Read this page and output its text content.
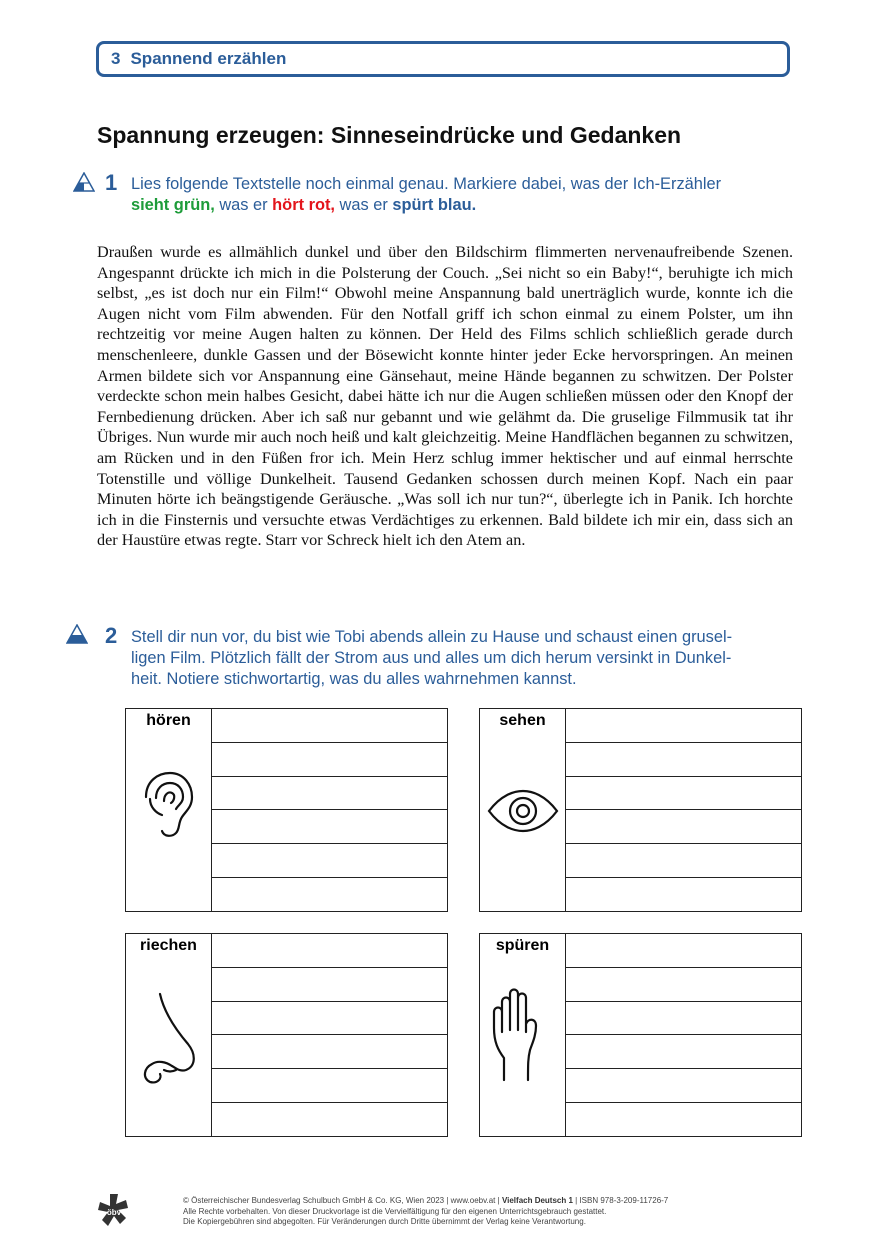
3 Spannend erzählen
Spannung erzeugen: Sinneseindrücke und Gedanken
1 Lies folgende Textstelle noch einmal genau. Markiere dabei, was der Ich-Erzähler
sieht grün, was er hört rot, was er spürt blau.

Draußen wurde es allmählich dunkel und über den Bildschirm flimmerten nervenaufreibende Szenen. Angespannt drückte ich mich in die Polsterung der Couch. „Sei nicht so ein Baby!“, beruhigte ich mich selbst, „es ist doch nur ein Film!“ Obwohl meine Anspannung bald unerträglich wurde, konnte ich die Augen nicht vom Film abwenden. Für den Notfall griff ich schon einmal zu einem Polster, um ihn rechtzeitig vor meine Augen halten zu können. Der Held des Films schlich schließlich gerade durch menschenleere, dunkle Gassen und der Bösewicht konnte hinter jeder Ecke hervorspringen. An meinen Armen bildete sich vor Anspannung eine Gänsehaut, meine Hände begannen zu schwitzen. Der Polster verdeckte schon mein halbes Gesicht, dabei hätte ich nur die Augen schließen müssen oder den Knopf der Fernbedienung drücken. Aber ich saß nur gebannt und wie gelähmt da. Die gruselige Filmmusik tat ihr Übriges. Nun wurde mir auch noch heiß und kalt gleichzeitig. Meine Handflächen begannen zu schwitzen, am Rücken und in den Füßen fror ich. Mein Herz schlug immer hektischer und auf einmal herrschte Totenstille und völlige Dunkelheit. Tausend Gedanken schossen durch meinen Kopf. Nach ein paar Minuten hörte ich beängstigende Geräusche. „Was soll ich nur tun?“, überlegte ich in Panik. Ich horchte ich in die Finsternis und versuchte etwas Verdächtiges zu erkennen. Bald bildete ich mir ein, dass sich an der Haustüre etwas regte. Starr vor Schreck hielt ich den Atem an.

2 Stell dir nun vor, du bist wie Tobi abends allein zu Hause und schaust einen grusel-
ligen Film. Plötzlich fällt der Strom aus und alles um dich herum versinkt in Dunkel-
heit. Notiere stichwortartig, was du alles wahrnehmen kannst.
hören	sehen
riechen	spüren
öbv
© Österreichischer Bundesverlag Schulbuch GmbH & Co. KG, Wien 2023 | www.oebv.at | Vielfach Deutsch 1 | ISBN 978-3-209-11726-7
Alle Rechte vorbehalten. Von dieser Druckvorlage ist die Vervielfältigung für den eigenen Unterrichtsgebrauch gestattet.
Die Kopiergebühren sind abgegolten. Für Veränderungen durch Dritte übernimmt der Verlag keine Verantwortung.
